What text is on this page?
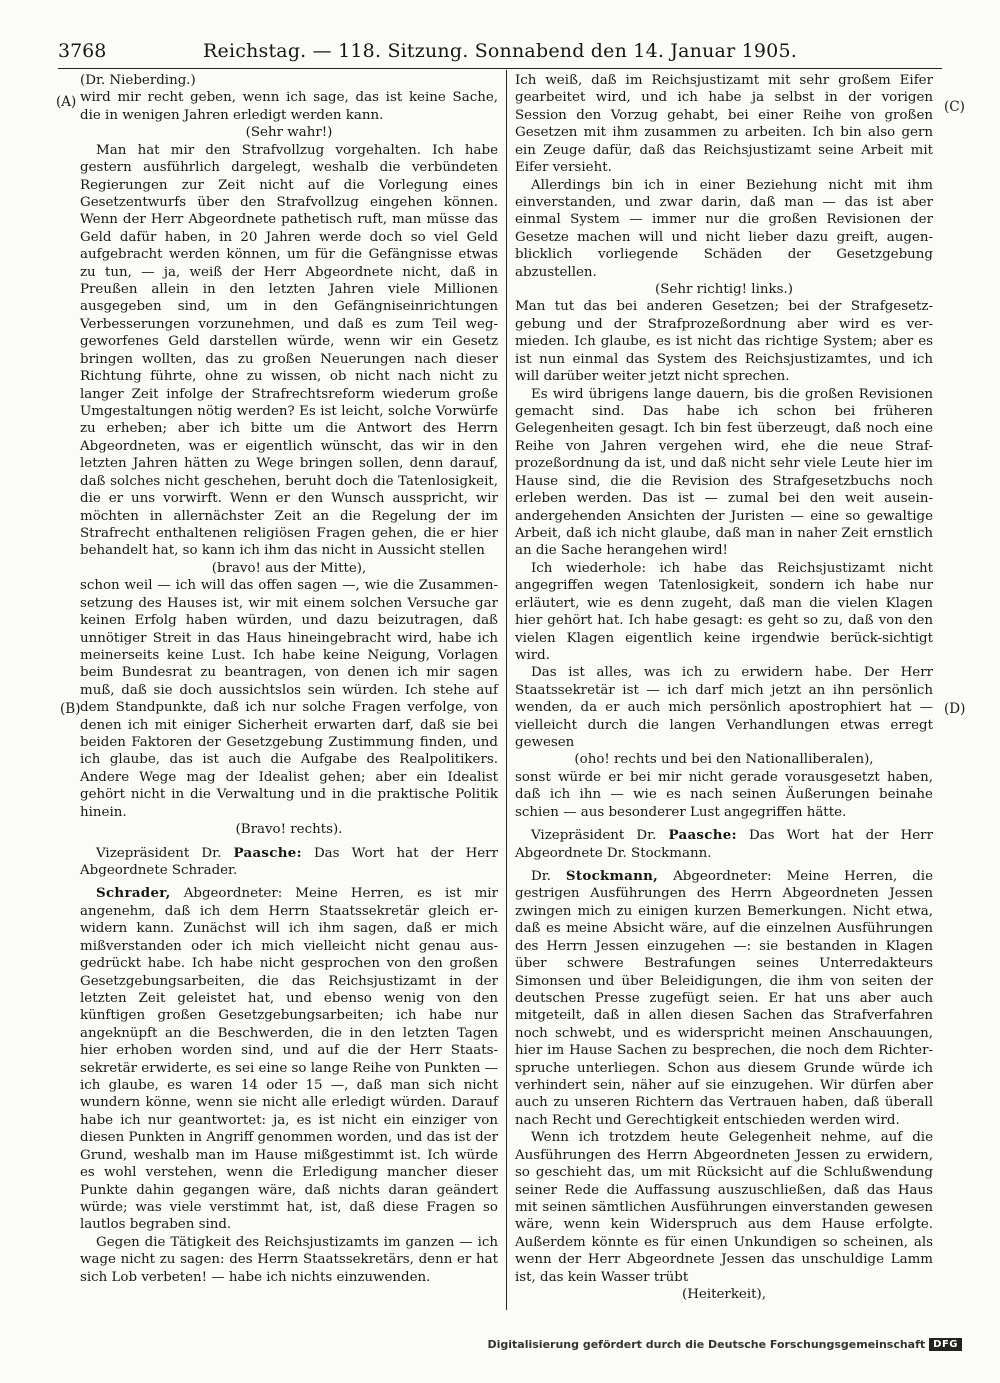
3768	Reichstag. — 118. Sitzung. Sonnabend den 14. Januar 1905.
(A)
(B)
(C)
(D)

(Dr. Nieberding.)

wird mir recht geben, wenn ich sage, das ist keine Sache, die in wenigen Jahren erledigt werden kann.

(Sehr wahr!)

Man hat mir den Strafvollzug vorgehalten. Ich habe gestern ausführlich dargelegt, weshalb die verbündeten Regierungen zur Zeit nicht auf die Vorlegung eines Gesetzentwurfs über den Strafvollzug eingehen können. Wenn der Herr Abgeordnete pathetisch ruft, man müsse das Geld dafür haben, in 20 Jahren werde doch so viel Geld aufgebracht werden können, um für die Gefängnisse etwas zu tun, — ja, weiß der Herr Abgeordnete nicht, daß in Preußen allein in den letzten Jahren viele Millionen ausgegeben sind, um in den Gefängniseinrichtungen Verbesserungen vorzunehmen, und daß es zum Teil weg-geworfenes Geld darstellen würde, wenn wir ein Gesetz bringen wollten, das zu großen Neuerungen nach dieser Richtung führte, ohne zu wissen, ob nicht nach nicht zu langer Zeit infolge der Strafrechtsreform wiederum große Umgestaltungen nötig werden? Es ist leicht, solche Vorwürfe zu erheben; aber ich bitte um die Antwort des Herrn Abgeordneten, was er eigentlich wünscht, das wir in den letzten Jahren hätten zu Wege bringen sollen, denn darauf, daß solches nicht geschehen, beruht doch die Tatenlosigkeit, die er uns vorwirft. Wenn er den Wunsch ausspricht, wir möchten in allernächster Zeit an die Regelung der im Strafrecht enthaltenen religiösen Fragen gehen, die er hier behandelt hat, so kann ich ihm das nicht in Aussicht stellen

(bravo! aus der Mitte),

schon weil — ich will das offen sagen —, wie die Zusammen-setzung des Hauses ist, wir mit einem solchen Versuche gar keinen Erfolg haben würden, und dazu beizutragen, daß unnötiger Streit in das Haus hineingebracht wird, habe ich meinerseits keine Lust. Ich habe keine Neigung, Vorlagen beim Bundesrat zu beantragen, von denen ich mir sagen muß, daß sie doch aussichtslos sein würden. Ich stehe auf dem Standpunkte, daß ich nur solche Fragen verfolge, von denen ich mit einiger Sicherheit erwarten darf, daß sie bei beiden Faktoren der Gesetzgebung Zustimmung finden, und ich glaube, das ist auch die Aufgabe des Realpolitikers. Andere Wege mag der Idealist gehen; aber ein Idealist gehört nicht in die Verwaltung und in die praktische Politik hinein.

(Bravo! rechts).

Vizepräsident Dr. Paasche: Das Wort hat der Herr Abgeordnete Schrader.

Schrader, Abgeordneter: Meine Herren, es ist mir angenehm, daß ich dem Herrn Staatssekretär gleich er-widern kann. Zunächst will ich ihm sagen, daß er mich mißverstanden oder ich mich vielleicht nicht genau aus-gedrückt habe. Ich habe nicht gesprochen von den großen Gesetzgebungsarbeiten, die das Reichsjustizamt in der letzten Zeit geleistet hat, und ebenso wenig von den künftigen großen Gesetzgebungsarbeiten; ich habe nur angeknüpft an die Beschwerden, die in den letzten Tagen hier erhoben worden sind, und auf die der Herr Staats-sekretär erwiderte, es sei eine so lange Reihe von Punkten — ich glaube, es waren 14 oder 15 —, daß man sich nicht wundern könne, wenn sie nicht alle erledigt würden. Darauf habe ich nur geantwortet: ja, es ist nicht ein einziger von diesen Punkten in Angriff genommen worden, und das ist der Grund, weshalb man im Hause mißgestimmt ist. Ich würde es wohl verstehen, wenn die Erledigung mancher dieser Punkte dahin gegangen wäre, daß nichts daran geändert würde; was viele verstimmt hat, ist, daß diese Fragen so lautlos begraben sind.

Gegen die Tätigkeit des Reichsjustizamts im ganzen — ich wage nicht zu sagen: des Herrn Staatssekretärs, denn er hat sich Lob verbeten! — habe ich nichts einzuwenden.

Ich weiß, daß im Reichsjustizamt mit sehr großem Eifer gearbeitet wird, und ich habe ja selbst in der vorigen Session den Vorzug gehabt, bei einer Reihe von großen Gesetzen mit ihm zusammen zu arbeiten. Ich bin also gern ein Zeuge dafür, daß das Reichsjustizamt seine Arbeit mit Eifer versieht.

Allerdings bin ich in einer Beziehung nicht mit ihm einverstanden, und zwar darin, daß man — das ist aber einmal System — immer nur die großen Revisionen der Gesetze machen will und nicht lieber dazu greift, augen-blicklich vorliegende Schäden der Gesetzgebung abzustellen.

(Sehr richtig! links.)

Man tut das bei anderen Gesetzen; bei der Strafgesetz-gebung und der Strafprozeßordnung aber wird es ver-mieden. Ich glaube, es ist nicht das richtige System; aber es ist nun einmal das System des Reichsjustizamtes, und ich will darüber weiter jetzt nicht sprechen.

Es wird übrigens lange dauern, bis die großen Revisionen gemacht sind. Das habe ich schon bei früheren Gelegenheiten gesagt. Ich bin fest überzeugt, daß noch eine Reihe von Jahren vergehen wird, ehe die neue Straf-prozeßordnung da ist, und daß nicht sehr viele Leute hier im Hause sind, die die Revision des Strafgesetzbuchs noch erleben werden. Das ist — zumal bei den weit ausein-andergehenden Ansichten der Juristen — eine so gewaltige Arbeit, daß ich nicht glaube, daß man in naher Zeit ernstlich an die Sache herangehen wird!

Ich wiederhole: ich habe das Reichsjustizamt nicht angegriffen wegen Tatenlosigkeit, sondern ich habe nur erläutert, wie es denn zugeht, daß man die vielen Klagen hier gehört hat. Ich habe gesagt: es geht so zu, daß von den vielen Klagen eigentlich keine irgendwie berück-sichtigt wird.

Das ist alles, was ich zu erwidern habe. Der Herr Staatssekretär ist — ich darf mich jetzt an ihn persönlich wenden, da er auch mich persönlich apostrophiert hat — vielleicht durch die langen Verhandlungen etwas erregt gewesen

(oho! rechts und bei den Nationalliberalen),

sonst würde er bei mir nicht gerade vorausgesetzt haben, daß ich ihn — wie es nach seinen Äußerungen beinahe schien — aus besonderer Lust angegriffen hätte.

Vizepräsident Dr. Paasche: Das Wort hat der Herr Abgeordnete Dr. Stockmann.

Dr. Stockmann, Abgeordneter: Meine Herren, die gestrigen Ausführungen des Herrn Abgeordneten Jessen zwingen mich zu einigen kurzen Bemerkungen. Nicht etwa, daß es meine Absicht wäre, auf die einzelnen Ausführungen des Herrn Jessen einzugehen —: sie bestanden in Klagen über schwere Bestrafungen seines Unterredakteurs Simonsen und über Beleidigungen, die ihm von seiten der deutschen Presse zugefügt seien. Er hat uns aber auch mitgeteilt, daß in allen diesen Sachen das Strafverfahren noch schwebt, und es widerspricht meinen Anschauungen, hier im Hause Sachen zu besprechen, die noch dem Richter-spruche unterliegen. Schon aus diesem Grunde würde ich verhindert sein, näher auf sie einzugehen. Wir dürfen aber auch zu unseren Richtern das Vertrauen haben, daß überall nach Recht und Gerechtigkeit entschieden werden wird.

Wenn ich trotzdem heute Gelegenheit nehme, auf die Ausführungen des Herrn Abgeordneten Jessen zu erwidern, so geschieht das, um mit Rücksicht auf die Schlußwendung seiner Rede die Auffassung auszuschließen, daß das Haus mit seinen sämtlichen Ausführungen einverstanden gewesen wäre, wenn kein Widerspruch aus dem Hause erfolgte. Außerdem könnte es für einen Unkundigen so scheinen, als wenn der Herr Abgeordnete Jessen das unschuldige Lamm ist, das kein Wasser trübt

(Heiterkeit),

Digitalisierung gefördert durch die Deutsche Forschungsgemeinschaft DFG
